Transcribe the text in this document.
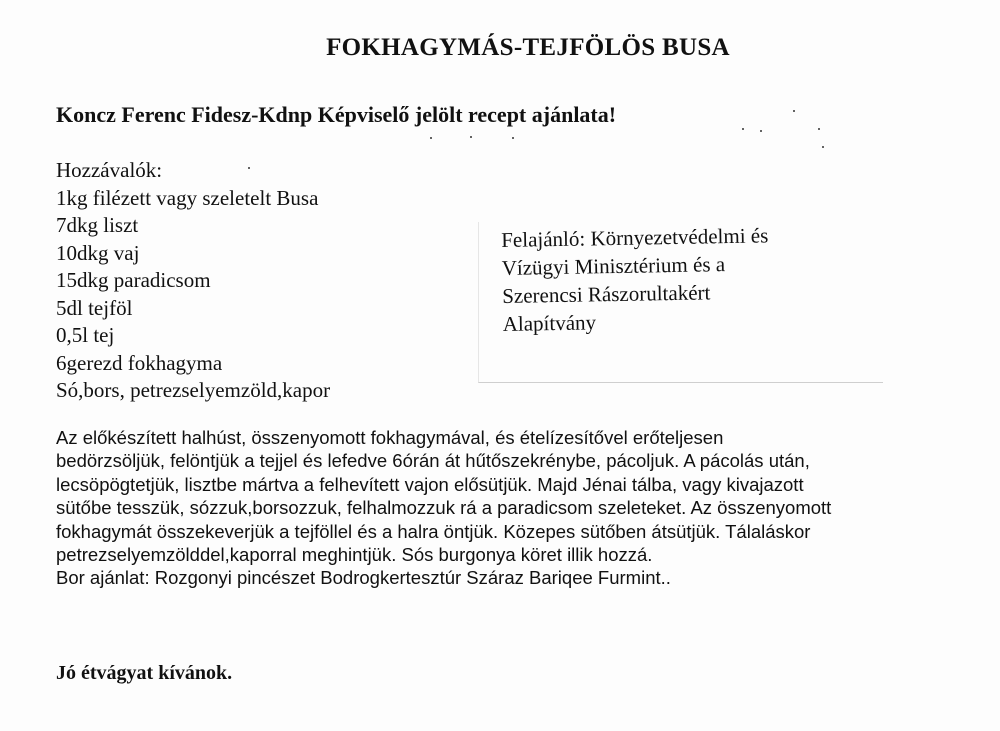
FOKHAGYMÁS-TEJFÖLÖS BUSA
Koncz Ferenc Fidesz-Kdnp Képviselő jelölt recept ajánlata!
Hozzávalók:
1kg filézett vagy szeletelt Busa
7dkg liszt
10dkg vaj
15dkg paradicsom
5dl tejföl
0,5l tej
6gerezd fokhagyma
Só,bors, petrezselyemzöld,kapor
Felajánló: Környezetvédelmi és
Vízügyi Minisztérium és a
Szerencsi Rászorultakért
Alapítvány
Az előkészített halhúst, összenyomott fokhagymával, és ételízesítővel erőteljesen
bedörzsöljük, felöntjük a tejjel és lefedve 6órán át hűtőszekrénybe, pácoljuk. A pácolás után,
lecsöpögtetjük, lisztbe mártva a felhevített vajon elősütjük. Majd Jénai tálba, vagy kivajazott
sütőbe tesszük, sózzuk,borsozzuk, felhalmozzuk rá a paradicsom szeleteket. Az összenyomott
fokhagymát összekeverjük a tejföllel és a halra öntjük. Közepes sütőben átsütjük. Tálaláskor
petrezselyemzölddel,kaporral meghintjük. Sós burgonya köret illik hozzá.
Bor ajánlat: Rozgonyi pincészet Bodrogkertesztúr Száraz Bariqee Furmint..
Jó étvágyat kívánok.
